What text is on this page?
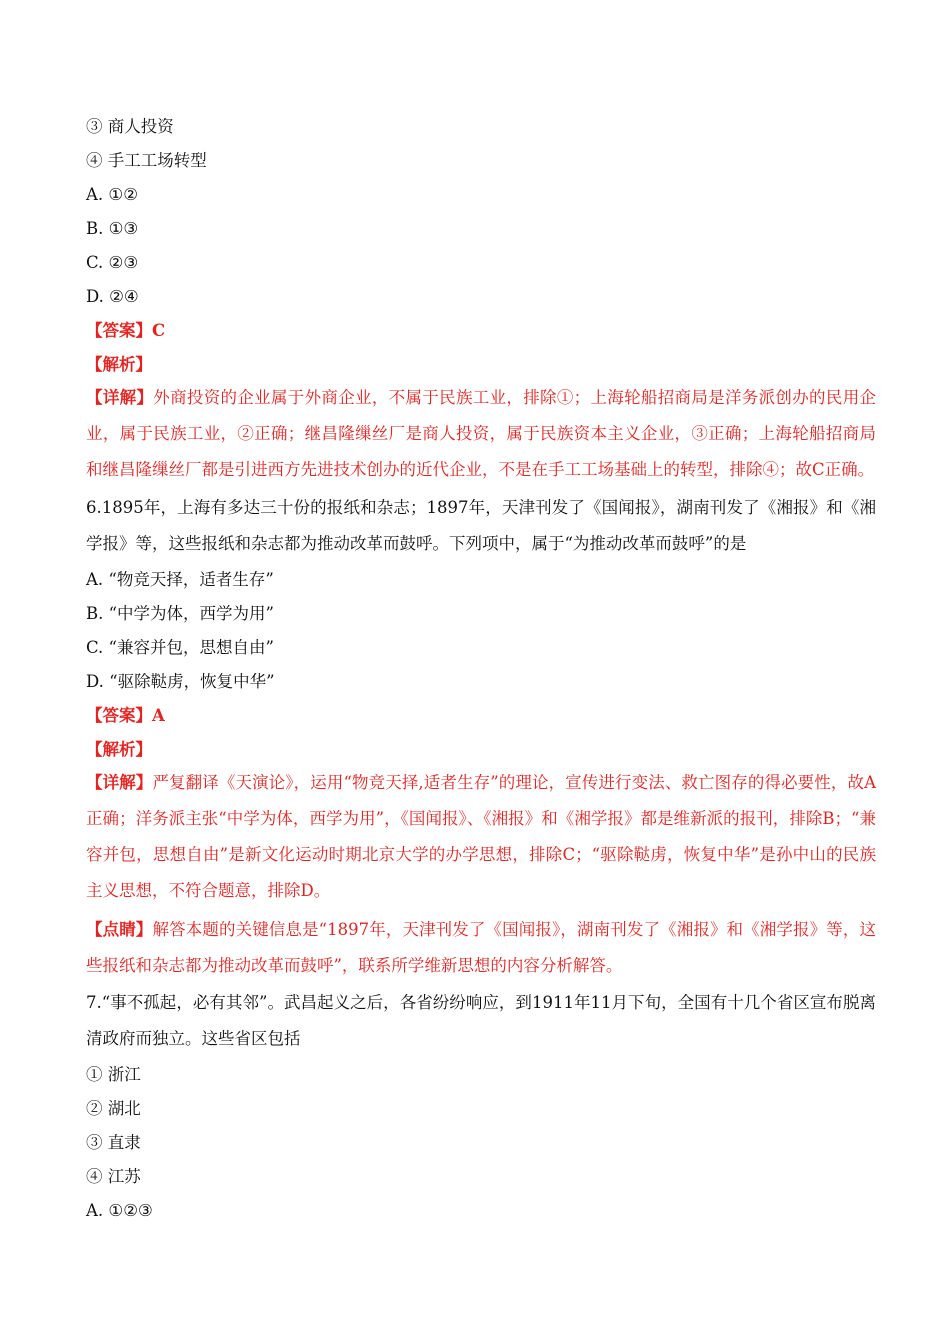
③ 商人投资
④ 手工工场转型
A. ①②
B. ①③
C. ②③
D. ②④
【答案】C
【解析】
【详解】外商投资的企业属于外商企业，不属于民族工业，排除①；上海轮船招商局是洋务派创办的民用企业，属于民族工业，②正确；继昌隆缫丝厂是商人投资，属于民族资本主义企业，③正确；上海轮船招商局和继昌隆缫丝厂都是引进西方先进技术创办的近代企业，不是在手工工场基础上的转型，排除④；故C正确。
6.1895年，上海有多达三十份的报纸和杂志；1897年，天津刊发了《国闻报》，湖南刊发了《湘报》和《湘学报》等，这些报纸和杂志都为推动改革而鼓呼。下列项中，属于“为推动改革而鼓呼”的是
A. “物竞天择，适者生存”
B. “中学为体，西学为用”
C. “兼容并包，思想自由”
D. “驱除鞑虏，恢复中华”
【答案】A
【解析】
【详解】严复翻译《天演论》，运用“物竞天择,适者生存”的理论，宣传进行变法、救亡图存的得必要性，故A正确；洋务派主张“中学为体，西学为用”，《国闻报》、《湘报》和《湘学报》都是维新派的报刊，排除B；“兼容并包，思想自由”是新文化运动时期北京大学的办学思想，排除C；“驱除鞑虏，恢复中华”是孙中山的民族主义思想，不符合题意，排除D。
【点睛】解答本题的关键信息是“1897年，天津刊发了《国闻报》，湖南刊发了《湘报》和《湘学报》等，这些报纸和杂志都为推动改革而鼓呼”，联系所学维新思想的内容分析解答。
7.“事不孤起，必有其邻”。武昌起义之后，各省纷纷响应，到1911年11月下旬，全国有十几个省区宣布脱离清政府而独立。这些省区包括
① 浙江
② 湖北
③ 直隶
④ 江苏
A. ①②③
